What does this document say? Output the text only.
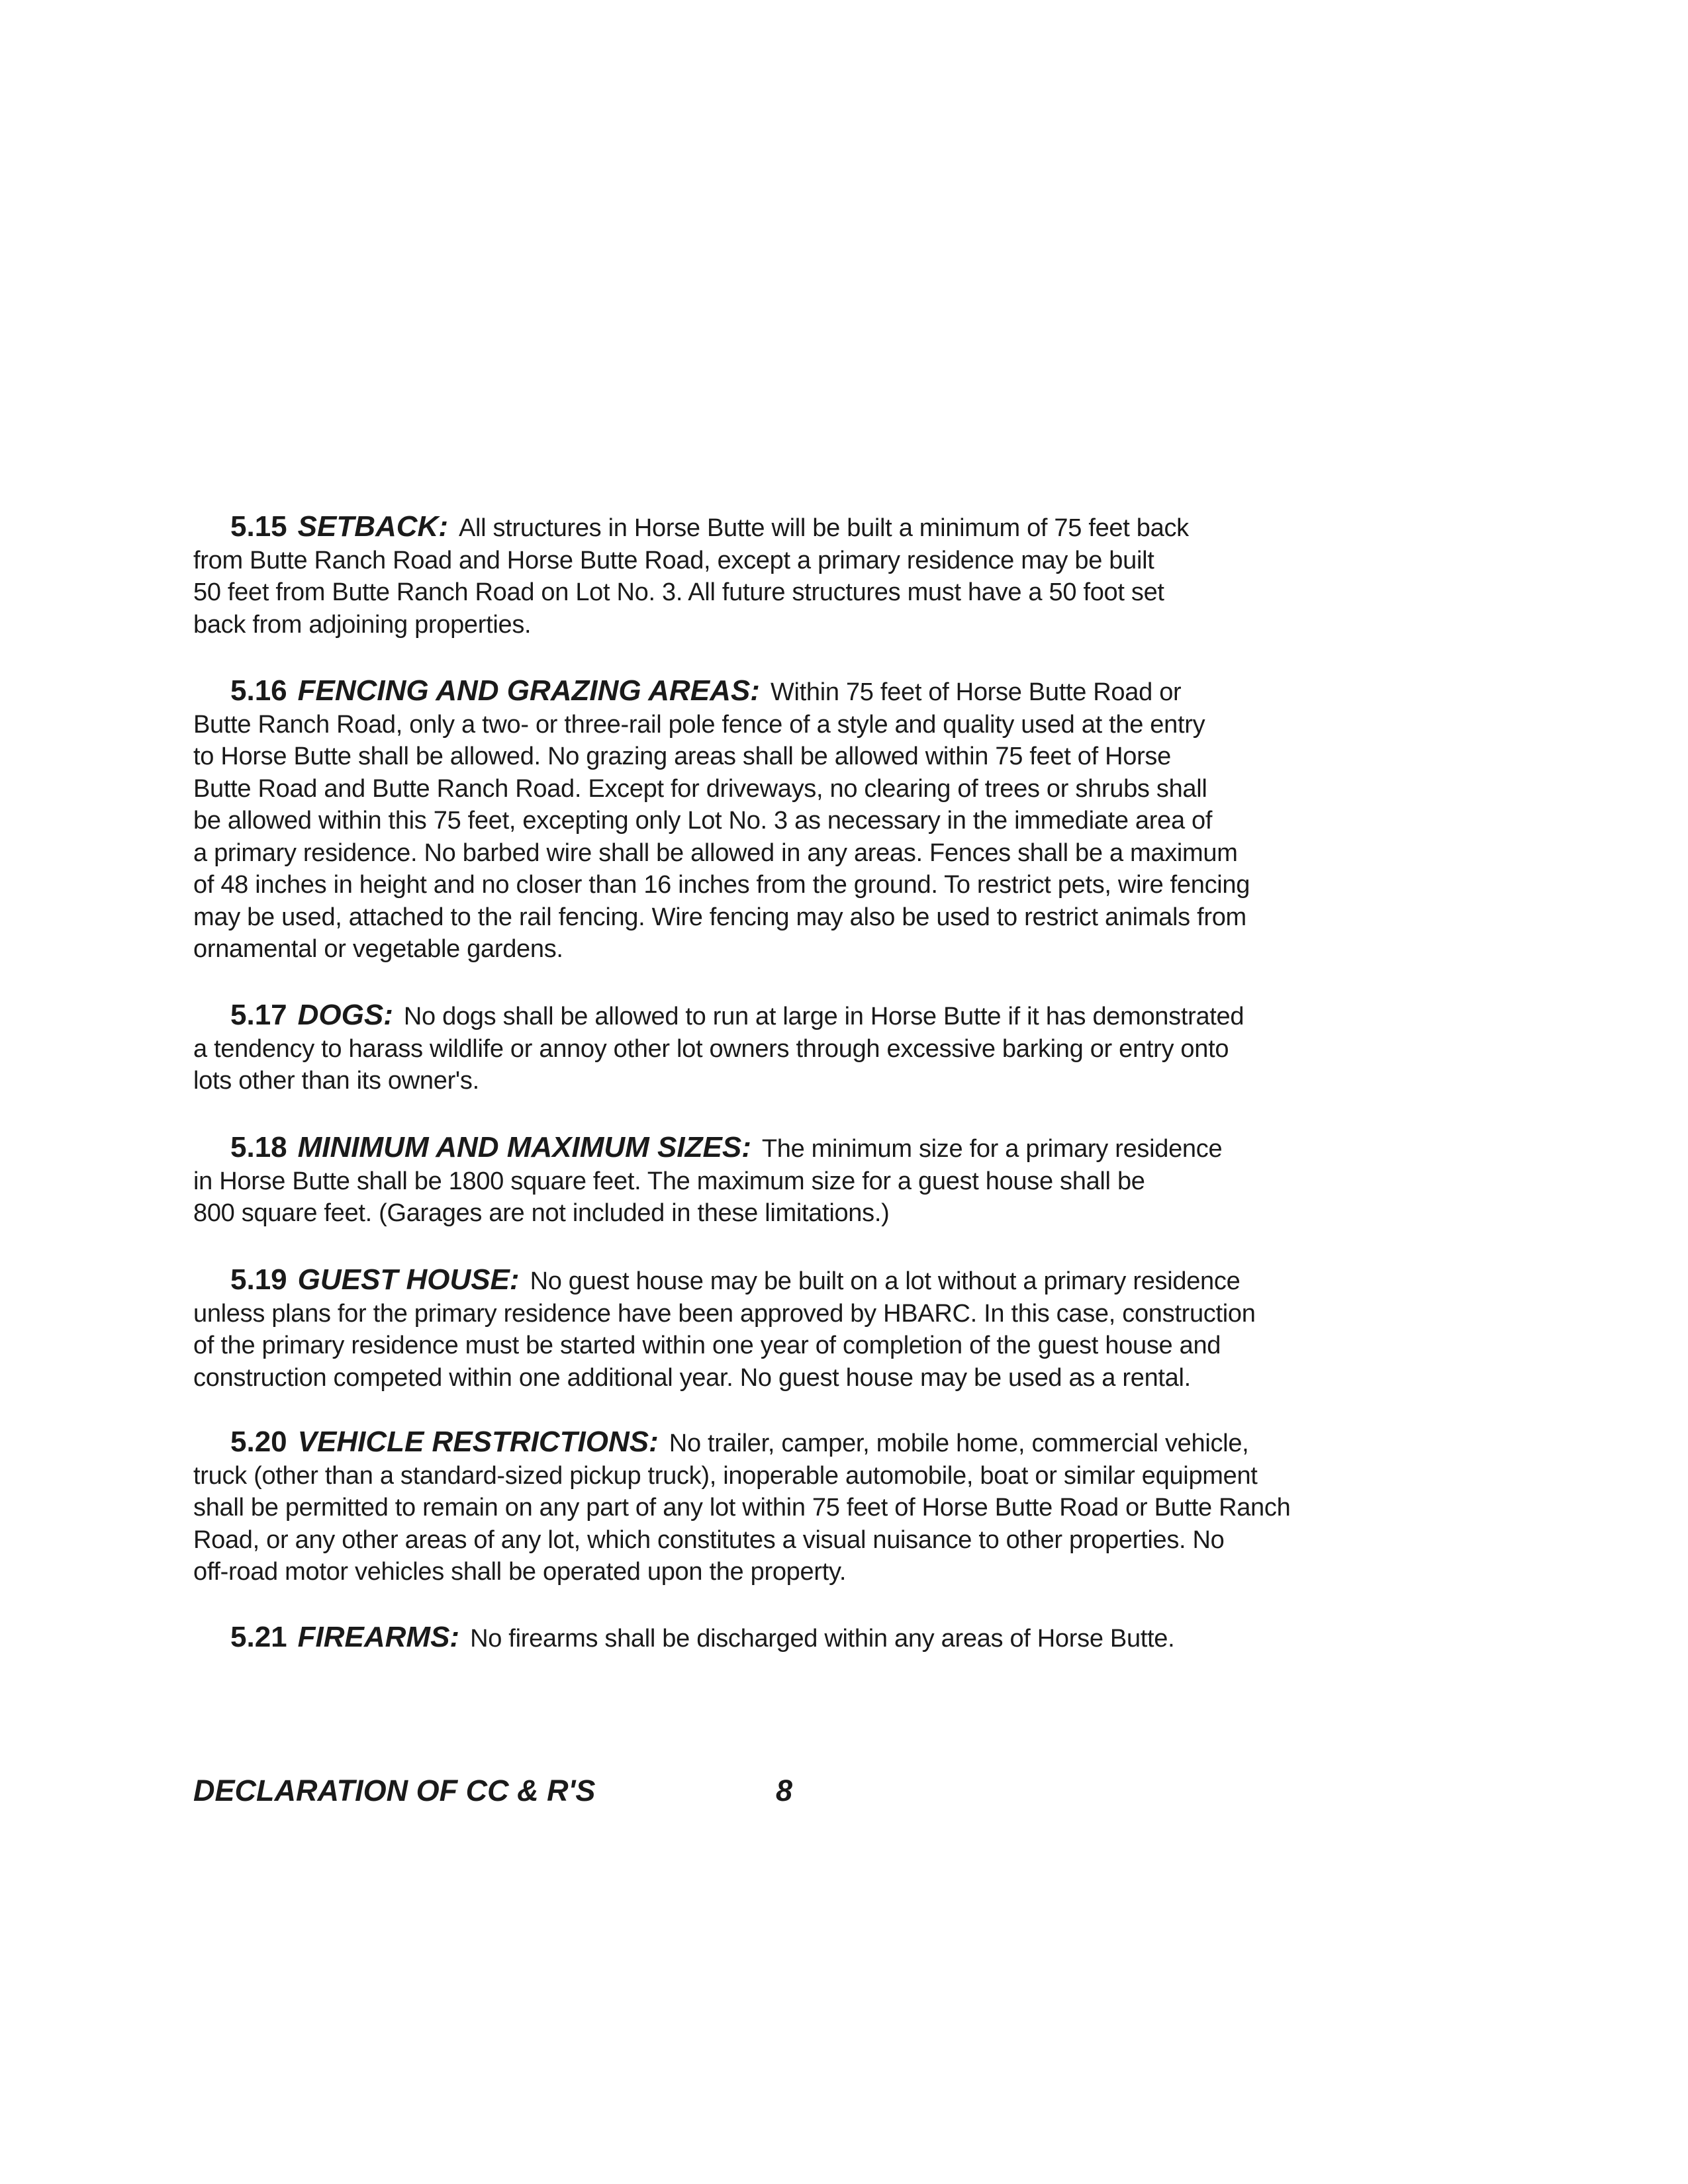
5.15 SETBACK: All structures in Horse Butte will be built a minimum of 75 feet back
from Butte Ranch Road and Horse Butte Road, except a primary residence may be built
50 feet from Butte Ranch Road on Lot No. 3. All future structures must have a 50 foot set
back from adjoining properties.
5.16 FENCING AND GRAZING AREAS: Within 75 feet of Horse Butte Road or
Butte Ranch Road, only a two- or three-rail pole fence of a style and quality used at the entry
to Horse Butte shall be allowed. No grazing areas shall be allowed within 75 feet of Horse
Butte Road and Butte Ranch Road. Except for driveways, no clearing of trees or shrubs shall
be allowed within this 75 feet, excepting only Lot No. 3 as necessary in the immediate area of
a primary residence. No barbed wire shall be allowed in any areas. Fences shall be a maximum
of 48 inches in height and no closer than 16 inches from the ground. To restrict pets, wire fencing
may be used, attached to the rail fencing. Wire fencing may also be used to restrict animals from
ornamental or vegetable gardens.
5.17 DOGS: No dogs shall be allowed to run at large in Horse Butte if it has demonstrated
a tendency to harass wildlife or annoy other lot owners through excessive barking or entry onto
lots other than its owner's.
5.18 MINIMUM AND MAXIMUM SIZES: The minimum size for a primary residence
in Horse Butte shall be 1800 square feet. The maximum size for a guest house shall be
800 square feet. (Garages are not included in these limitations.)
5.19 GUEST HOUSE: No guest house may be built on a lot without a primary residence
unless plans for the primary residence have been approved by HBARC. In this case, construction
of the primary residence must be started within one year of completion of the guest house and
construction competed within one additional year. No guest house may be used as a rental.
5.20 VEHICLE RESTRICTIONS: No trailer, camper, mobile home, commercial vehicle,
truck (other than a standard-sized pickup truck), inoperable automobile, boat or similar equipment
shall be permitted to remain on any part of any lot within 75 feet of Horse Butte Road or Butte Ranch
Road, or any other areas of any lot, which constitutes a visual nuisance to other properties. No
off-road motor vehicles shall be operated upon the property.
5.21 FIREARMS: No firearms shall be discharged within any areas of Horse Butte.
DECLARATION OF CC & R'S	8
